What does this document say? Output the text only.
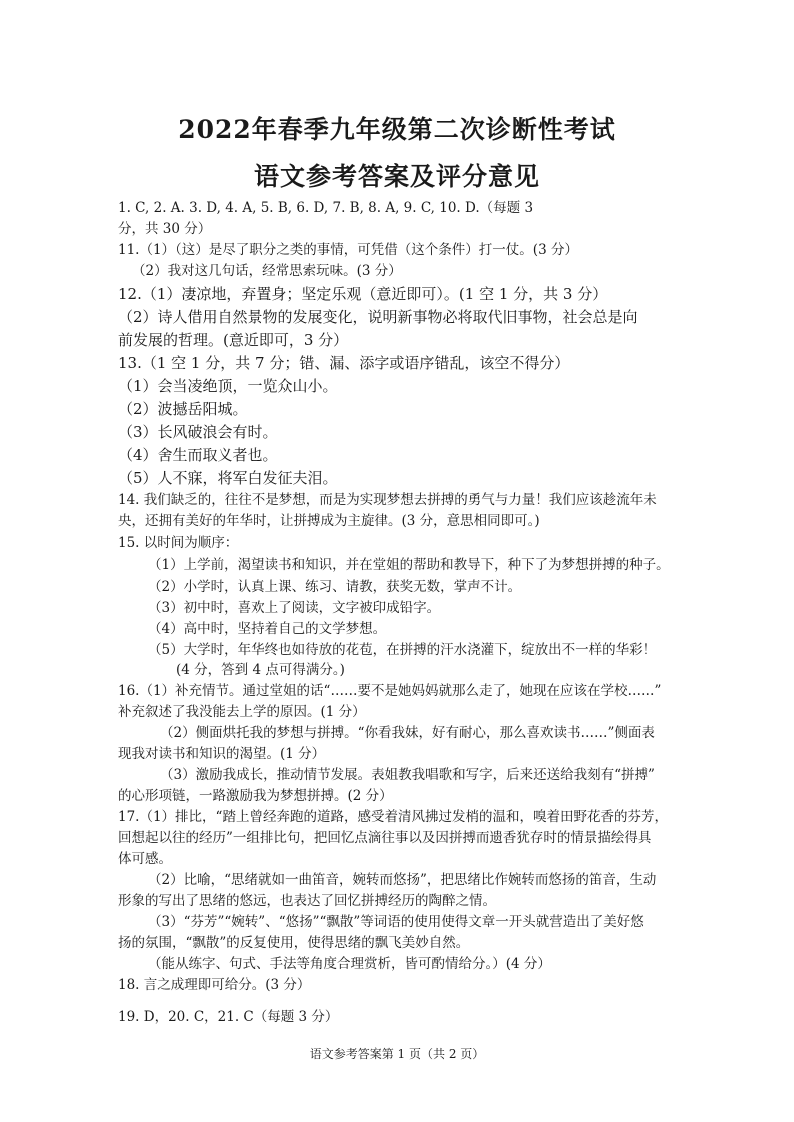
2022年春季九年级第二次诊断性考试
语文参考答案及评分意见
1. C, 2. A. 3. D, 4. A, 5. B, 6. D, 7. B, 8. A, 9. C, 10. D.（每题 3
分，共 30 分）
11.（1）（这）是尽了职分之类的事情，可凭借（这个条件）打一仗。(3 分）
（2）我对这几句话，经常思索玩味。(3 分）
12.（1）凄凉地，弃置身；坚定乐观（意近即可）。(1 空 1 分，共 3 分）
（2）诗人借用自然景物的发展变化，说明新事物必将取代旧事物，社会总是向
前发展的哲理。(意近即可，3 分）
13.（1 空 1 分，共 7 分；错、漏、添字或语序错乱，该空不得分）
（1）会当凌绝顶，一览众山小。
（2）波撼岳阳城。
（3）长风破浪会有时。
（4）舍生而取义者也。
（5）人不寐，将军白发征夫泪。
14. 我们缺乏的，往往不是梦想，而是为实现梦想去拼搏的勇气与力量！我们应该趁流年未
央，还拥有美好的年华时，让拼搏成为主旋律。(3 分，意思相同即可。)
15. 以时间为顺序：
（1）上学前，渴望读书和知识，并在堂姐的帮助和教导下，种下了为梦想拼搏的种子。
（2）小学时，认真上课、练习、请教，获奖无数，掌声不计。
（3）初中时，喜欢上了阅读，文字被印成铅字。
（4）高中时，坚持着自己的文学梦想。
（5）大学时，年华终也如待放的花苞，在拼搏的汗水浇灌下，绽放出不一样的华彩！
(4 分，答到 4 点可得满分。)
16.（1）补充情节。通过堂姐的话“……要不是她妈妈就那么走了，她现在应该在学校……”
补充叙述了我没能去上学的原因。(1 分）
（2）侧面烘托我的梦想与拼搏。“你看我妹，好有耐心，那么喜欢读书……”侧面表
现我对读书和知识的渴望。(1 分）
（3）激励我成长，推动情节发展。表姐教我唱歌和写字，后来还送给我刻有“拼搏”
的心形项链，一路激励我为梦想拼搏。(2 分）
17.（1）排比，“踏上曾经奔跑的道路，感受着清风拂过发梢的温和，嗅着田野花香的芬芳，
回想起以往的经历”一组排比句，把回忆点滴往事以及因拼搏而遗香犹存时的情景描绘得具
体可感。
（2）比喻，“思绪就如一曲笛音，婉转而悠扬”，把思绪比作婉转而悠扬的笛音，生动
形象的写出了思绪的悠远，也表达了回忆拼搏经历的陶醉之情。
（3）“芬芳”“婉转”、“悠扬”“飘散”等词语的使用使得文章一开头就营造出了美好悠
扬的氛围，“飘散”的反复使用，使得思绪的飘飞美妙自然。
（能从练字、句式、手法等角度合理赏析，皆可酌情给分。）(4 分）
18. 言之成理即可给分。(3 分）
19. D，20. C，21. C（每题 3 分）
语文参考答案第 1 页（共 2 页）
